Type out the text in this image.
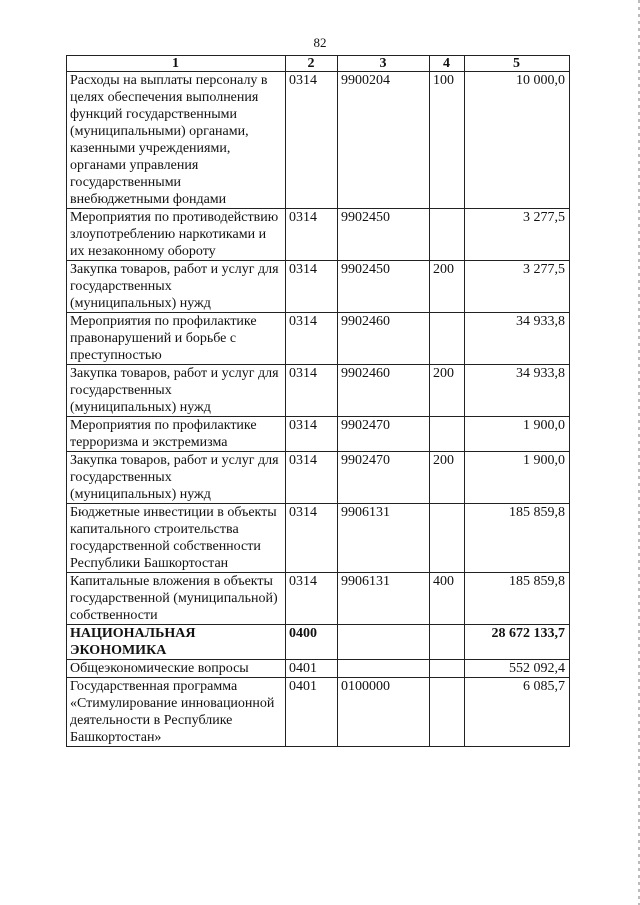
82
1	2	3	4	5
Расходы на выплаты персоналу в целях обеспечения выполнения функций государственными (муниципальными) органами, казенными учреждениями, органами управления государственными внебюджетными фондами	0314	9900204	100	10 000,0
Мероприятия по противодействию злоупотреблению наркотиками и их незаконному обороту	0314	9902450		3 277,5
Закупка товаров, работ и услуг для государственных (муниципальных) нужд	0314	9902450	200	3 277,5
Мероприятия по профилактике правонарушений и борьбе с преступностью	0314	9902460		34 933,8
Закупка товаров, работ и услуг для государственных (муниципальных) нужд	0314	9902460	200	34 933,8
Мероприятия по профилактике терроризма и экстремизма	0314	9902470		1 900,0
Закупка товаров, работ и услуг для государственных (муниципальных) нужд	0314	9902470	200	1 900,0
Бюджетные инвестиции в объекты капитального строительства государственной собственности Республики Башкортостан	0314	9906131		185 859,8
Капитальные вложения в объекты государственной (муниципальной) собственности	0314	9906131	400	185 859,8
НАЦИОНАЛЬНАЯ ЭКОНОМИКА	0400			28 672 133,7
Общеэкономические вопросы	0401			552 092,4
Государственная программа «Стимулирование инновационной деятельности в Республике Башкортостан»	0401	0100000		6 085,7
